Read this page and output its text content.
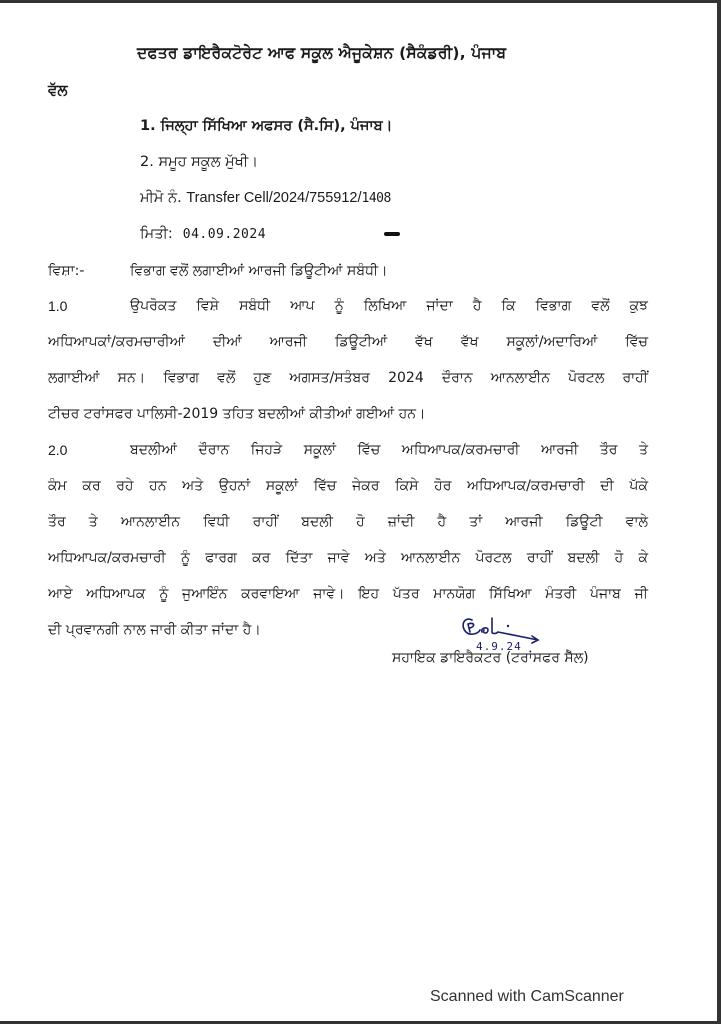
ਦਫਤਰ ਡਾਇਰੈਕਟੋਰੇਟ ਆਫ ਸਕੂਲ ਐਜੂਕੇਸ਼ਨ (ਸੈਕੰਡਰੀ), ਪੰਜਾਬ
ਵੱਲ
1. ਜਿਲ੍ਹਾ ਸਿੱਖਿਆ ਅਫਸਰ (ਸੈ.ਸਿ), ਪੰਜਾਬ।
2. ਸਮੂਹ ਸਕੂਲ ਮੁੱਖੀ।
ਮੀਮੋ ਨੰ. Transfer Cell/2024/755912/1408
ਮਿਤੀ: 04.09.2024
ਵਿਸ਼ਾ:-	ਵਿਭਾਗ ਵਲੋਂ ਲਗਾਈਆਂ ਆਰਜੀ ਡਿਊਟੀਆਂ ਸਬੰਧੀ।
1.0	ਉਪਰੋਕਤ ਵਿਸ਼ੇ ਸਬੰਧੀ ਆਪ ਨੂੰ ਲਿਖਿਆ ਜਾਂਦਾ ਹੈ ਕਿ ਵਿਭਾਗ ਵਲੋਂ ਕੁਝ
ਅਧਿਆਪਕਾਂ/ਕਰਮਚਾਰੀਆਂ ਦੀਆਂ ਆਰਜੀ ਡਿਊਟੀਆਂ ਵੱਖ ਵੱਖ ਸਕੂਲਾਂ/ਅਦਾਰਿਆਂ ਵਿੱਚ
ਲਗਾਈਆਂ ਸਨ। ਵਿਭਾਗ ਵਲੋਂ ਹੁਣ ਅਗਸਤ/ਸਤੰਬਰ 2024 ਦੌਰਾਨ ਆਨਲਾਈਨ ਪੋਰਟਲ ਰਾਹੀਂ
ਟੀਚਰ ਟਰਾਂਸਫਰ ਪਾਲਿਸੀ-2019 ਤਹਿਤ ਬਦਲੀਆਂ ਕੀਤੀਆਂ ਗਈਆਂ ਹਨ।
2.0	ਬਦਲੀਆਂ ਦੌਰਾਨ ਜਿਹੜੇ ਸਕੂਲਾਂ ਵਿੱਚ ਅਧਿਆਪਕ/ਕਰਮਚਾਰੀ ਆਰਜੀ ਤੌਰ ਤੇ
ਕੰਮ ਕਰ ਰਹੇ ਹਨ ਅਤੇ ਉਹਨਾਂ ਸਕੂਲਾਂ ਵਿੱਚ ਜੇਕਰ ਕਿਸੇ ਹੋਰ ਅਧਿਆਪਕ/ਕਰਮਚਾਰੀ ਦੀ ਪੱਕੇ
ਤੌਰ ਤੇ ਆਨਲਾਈਨ ਵਿਧੀ ਰਾਹੀਂ ਬਦਲੀ ਹੋ ਜ਼ਾਂਦੀ ਹੈ ਤਾਂ ਆਰਜੀ ਡਿਊਟੀ ਵਾਲੇ
ਅਧਿਆਪਕ/ਕਰਮਚਾਰੀ ਨੂੰ ਫਾਰਗ ਕਰ ਦਿੱਤਾ ਜਾਵੇ ਅਤੇ ਆਨਲਾਈਨ ਪੋਰਟਲ ਰਾਹੀਂ ਬਦਲੀ ਹੋ ਕੇ
ਆਏ ਅਧਿਆਪਕ ਨੂੰ ਜੁਆਇੰਨ ਕਰਵਾਇਆ ਜਾਵੇ। ਇਹ ਪੱਤਰ ਮਾਨਯੋਗ ਸਿੱਖਿਆ ਮੰਤਰੀ ਪੰਜਾਬ ਜੀ
ਦੀ ਪ੍ਰਵਾਨਗੀ ਨਾਲ ਜਾਰੀ ਕੀਤਾ ਜਾਂਦਾ ਹੈ।
4.9.24
ਸਹਾਇਕ ਡਾਇਰੈਕਟਰ (ਟਰਾਂਸਫਰ ਸੈੱਲ)
Scanned with CamScanner
